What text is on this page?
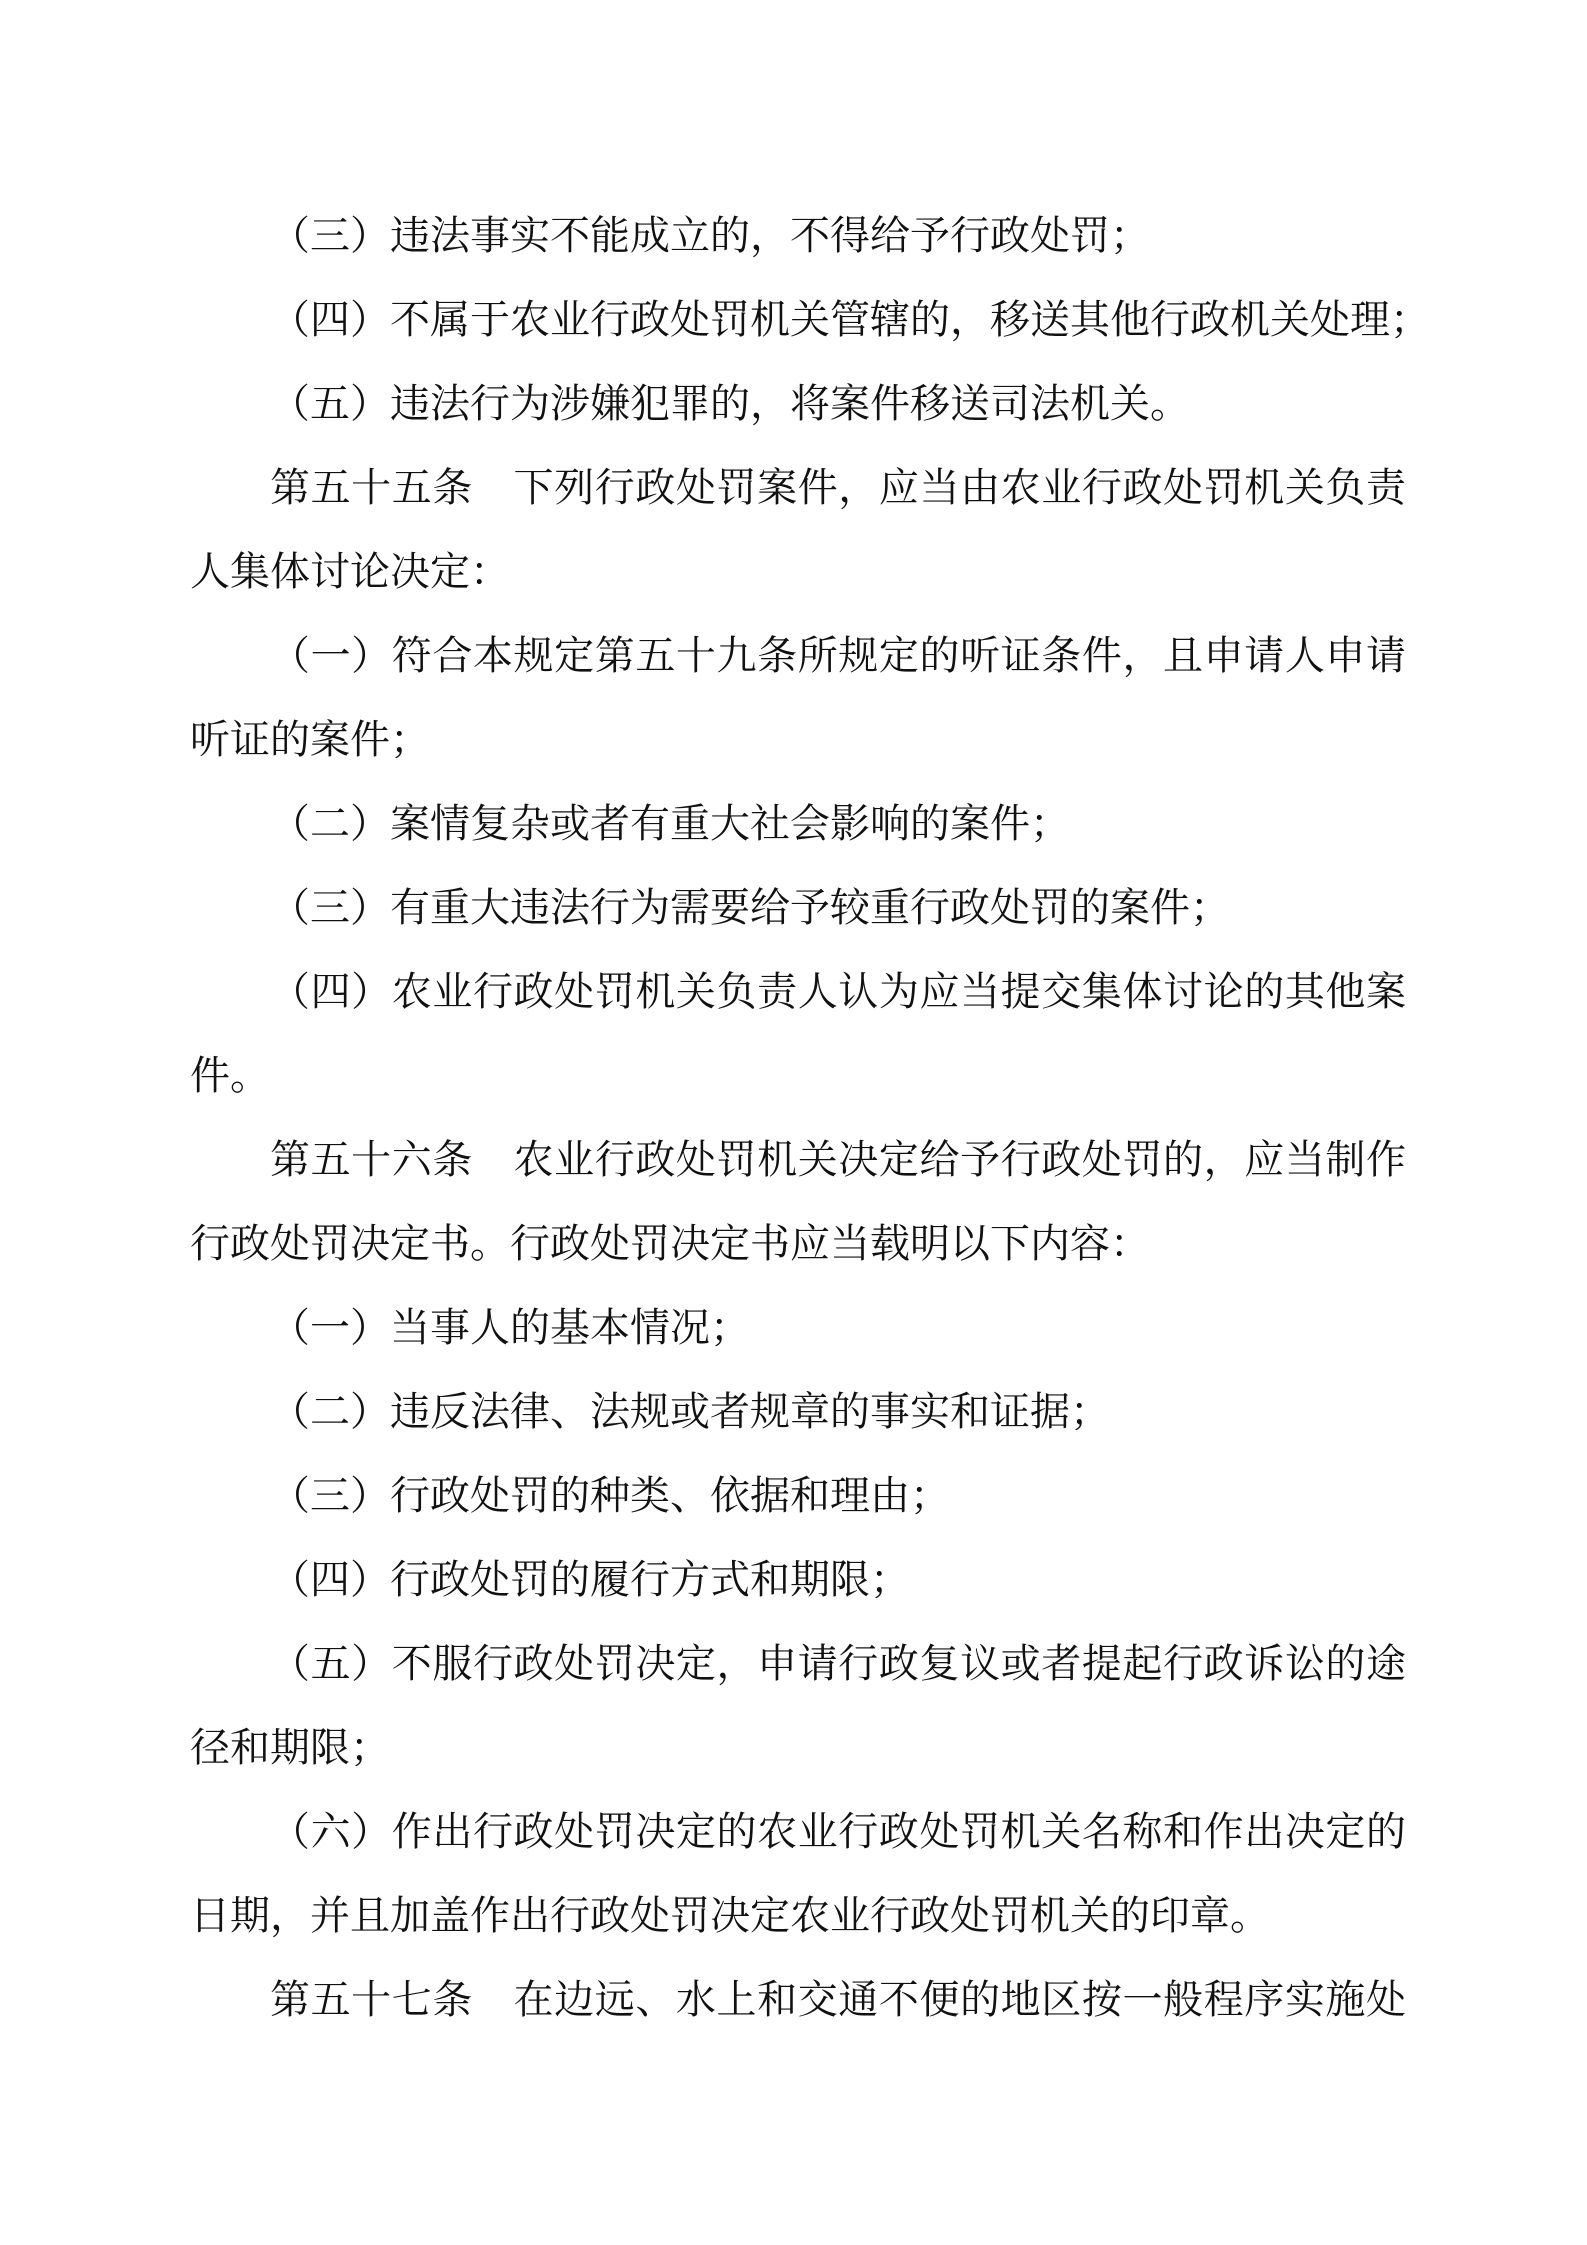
（三）违法事实不能成立的，不得给予行政处罚；
（四）不属于农业行政处罚机关管辖的，移送其他行政机关处理；
（五）违法行为涉嫌犯罪的，将案件移送司法机关。
第五十五条　下列行政处罚案件，应当由农业行政处罚机关负责
人集体讨论决定：
（一）符合本规定第五十九条所规定的听证条件，且申请人申请
听证的案件；
（二）案情复杂或者有重大社会影响的案件；
（三）有重大违法行为需要给予较重行政处罚的案件；
（四）农业行政处罚机关负责人认为应当提交集体讨论的其他案
件。
第五十六条　农业行政处罚机关决定给予行政处罚的，应当制作
行政处罚决定书。行政处罚决定书应当载明以下内容：
（一）当事人的基本情况；
（二）违反法律、法规或者规章的事实和证据；
（三）行政处罚的种类、依据和理由；
（四）行政处罚的履行方式和期限；
（五）不服行政处罚决定，申请行政复议或者提起行政诉讼的途
径和期限；
（六）作出行政处罚决定的农业行政处罚机关名称和作出决定的
日期，并且加盖作出行政处罚决定农业行政处罚机关的印章。
第五十七条　在边远、水上和交通不便的地区按一般程序实施处
